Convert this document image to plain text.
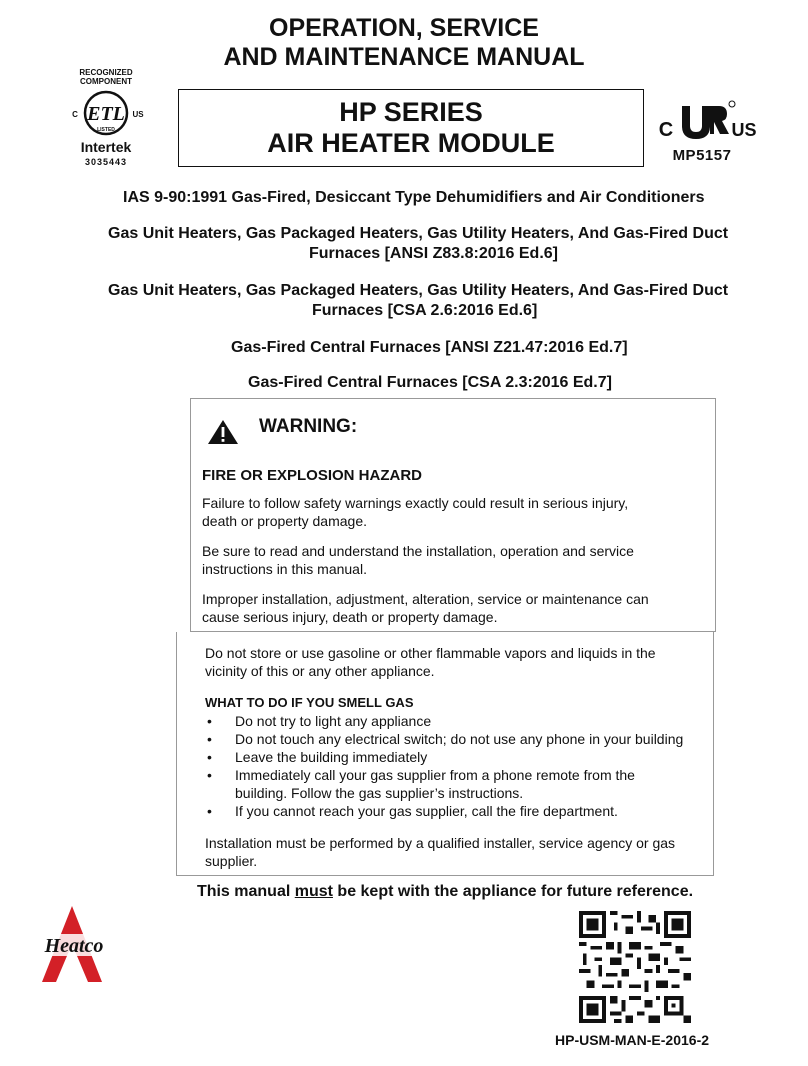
OPERATION, SERVICE
AND MAINTENANCE MANUAL
RECOGNIZED
COMPONENT
ETL
LISTED
C	US
Intertek
3035443
HP SERIES
AIR HEATER MODULE	C	US
MP5157
IAS 9-90:1991 Gas-Fired, Desiccant Type Dehumidifiers and Air Conditioners
Gas Unit Heaters, Gas Packaged Heaters, Gas Utility Heaters, And Gas-Fired Duct
Furnaces [ANSI Z83.8:2016 Ed.6]
Gas Unit Heaters, Gas Packaged Heaters, Gas Utility Heaters, And Gas-Fired Duct
Furnaces [CSA 2.6:2016 Ed.6]
Gas-Fired Central Furnaces [ANSI Z21.47:2016 Ed.7]
Gas-Fired Central Furnaces [CSA 2.3:2016 Ed.7]
WARNING:
FIRE OR EXPLOSION HAZARD
Failure to follow safety warnings exactly could result in serious injury,
death or property damage.
Be sure to read and understand the installation, operation and service
instructions in this manual.
Improper installation, adjustment, alteration, service or maintenance can
cause serious injury, death or property damage.
Do not store or use gasoline or other flammable vapors and liquids in the
vicinity of this or any other appliance.
WHAT TO DO IF YOU SMELL GAS
• Do not try to light any appliance
• Do not touch any electrical switch; do not use any phone in your building
• Leave the building immediately
• Immediately call your gas supplier from a phone remote from the
building. Follow the gas supplier’s instructions.
• If you cannot reach your gas supplier, call the fire department.
Installation must be performed by a qualified installer, service agency or gas
supplier.
This manual must be kept with the appliance for future reference.
Heatco
HP-USM-MAN-E-2016-2
